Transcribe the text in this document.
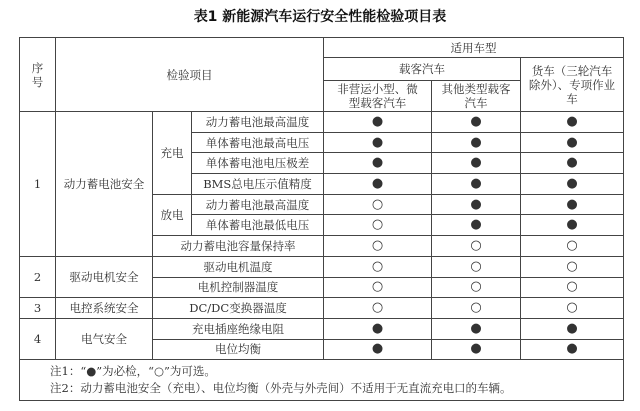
表1 新能源汽车运行安全性能检验项目表
序号	检验项目			适用车型		
				载客汽车		货车（三轮汽车除外）、专项作业车
				非营运小型、微型载客汽车	其他类型载客汽车	
1	动力蓄电池安全	充电	动力蓄电池最高温度	●	●	●
			单体蓄电池最高电压	●	●	●
			单体蓄电池电压极差	●	●	●
			BMS总电压示值精度	●	●	●
		放电	动力蓄电池最高温度	○	●	●
			单体蓄电池最低电压	○	●	●
		动力蓄电池容量保持率		○	○	○
2	驱动电机安全	驱动电机温度		○	○	○
		电机控制器温度		○	○	○
3	电控系统安全	DC/DC变换器温度		○	○	○
4	电气安全	充电插座绝缘电阻		●	●	●
		电位均衡		●	●	●

注1：“●”为必检，“○”为可选。
注2：动力蓄电池安全（充电）、电位均衡（外壳与外壳间）不适用于无直流充电口的车辆。						
